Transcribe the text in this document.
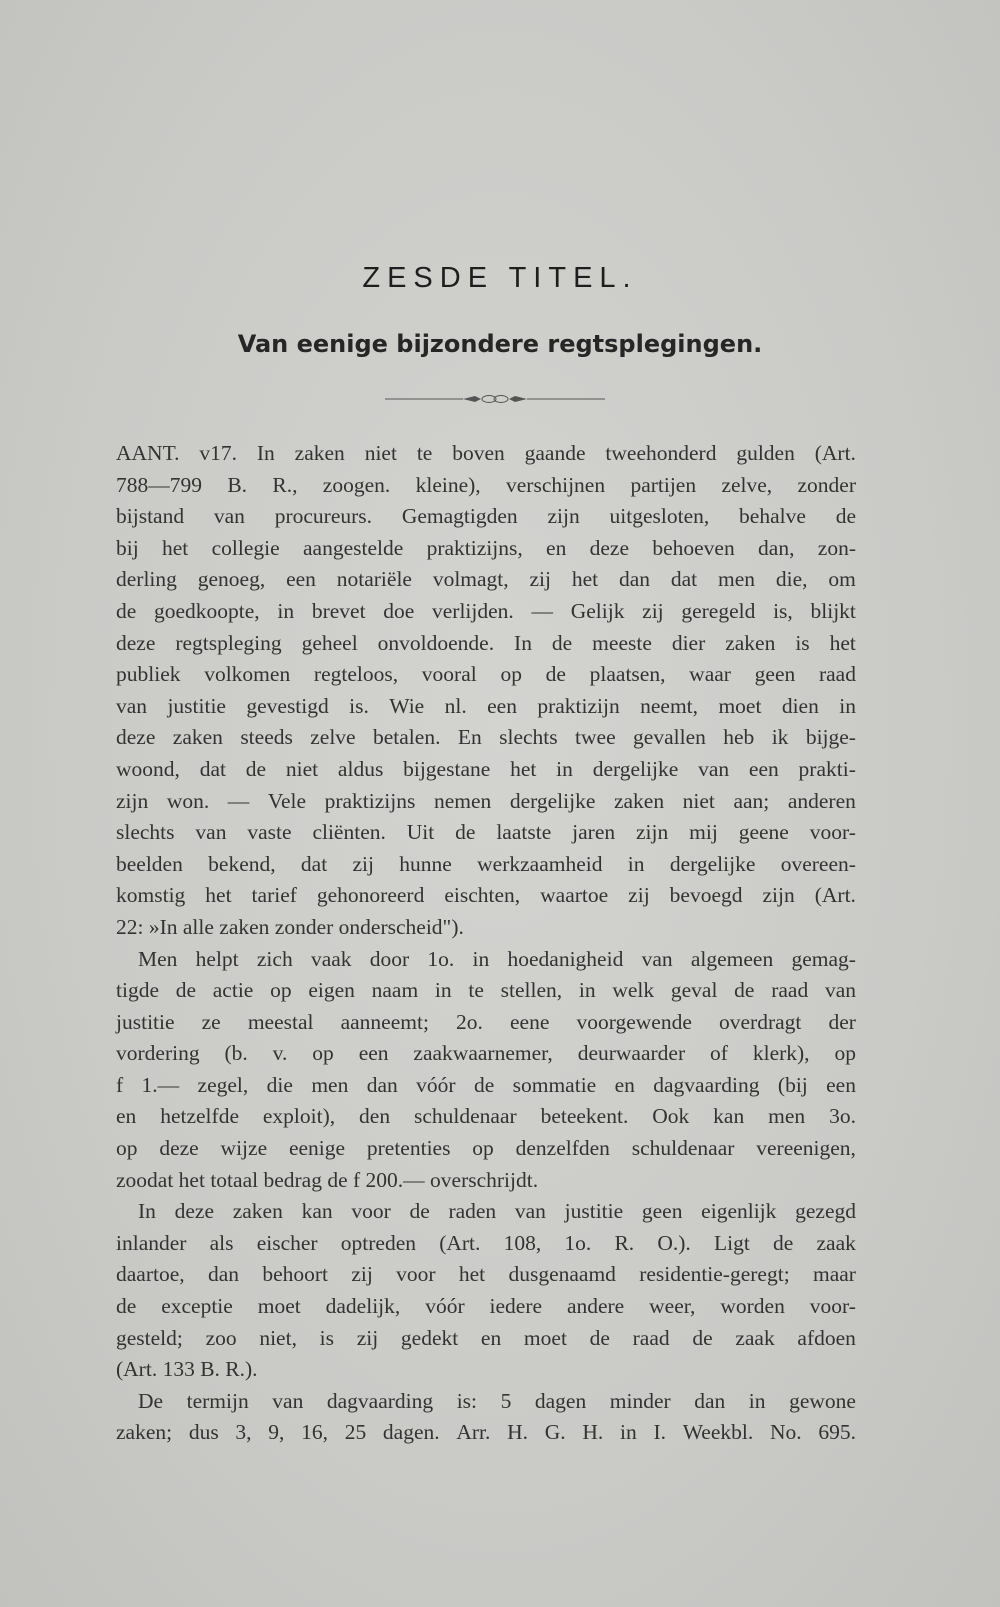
ZESDE TITEL.
Van eenige bijzondere regtsplegingen.
AANT. v17. In zaken niet te boven gaande tweehonderd gulden (Art.
788—799 B. R., zoogen. kleine), verschijnen partijen zelve, zonder
bijstand van procureurs. Gemagtigden zijn uitgesloten, behalve de
bij het collegie aangestelde praktizijns, en deze behoeven dan, zon-
derling genoeg, een notariële volmagt, zij het dan dat men die, om
de goedkoopte, in brevet doe verlijden. — Gelijk zij geregeld is, blijkt
deze regtspleging geheel onvoldoende. In de meeste dier zaken is het
publiek volkomen regteloos, vooral op de plaatsen, waar geen raad
van justitie gevestigd is. Wie nl. een praktizijn neemt, moet dien in
deze zaken steeds zelve betalen. En slechts twee gevallen heb ik bijge-
woond, dat de niet aldus bijgestane het in dergelijke van een prakti-
zijn won. — Vele praktizijns nemen dergelijke zaken niet aan; anderen
slechts van vaste cliënten. Uit de laatste jaren zijn mij geene voor-
beelden bekend, dat zij hunne werkzaamheid in dergelijke overeen-
komstig het tarief gehonoreerd eischten, waartoe zij bevoegd zijn (Art.
22: »In alle zaken zonder onderscheid").
Men helpt zich vaak door 1o. in hoedanigheid van algemeen gemag-
tigde de actie op eigen naam in te stellen, in welk geval de raad van
justitie ze meestal aanneemt; 2o. eene voorgewende overdragt der
vordering (b. v. op een zaakwaarnemer, deurwaarder of klerk), op
f 1.— zegel, die men dan vóór de sommatie en dagvaarding (bij een
en hetzelfde exploit), den schuldenaar beteekent. Ook kan men 3o.
op deze wijze eenige pretenties op denzelfden schuldenaar vereenigen,
zoodat het totaal bedrag de f 200.— overschrijdt.
In deze zaken kan voor de raden van justitie geen eigenlijk gezegd
inlander als eischer optreden (Art. 108, 1o. R. O.). Ligt de zaak
daartoe, dan behoort zij voor het dusgenaamd residentie-geregt; maar
de exceptie moet dadelijk, vóór iedere andere weer, worden voor-
gesteld; zoo niet, is zij gedekt en moet de raad de zaak afdoen
(Art. 133 B. R.).
De termijn van dagvaarding is: 5 dagen minder dan in gewone
zaken; dus 3, 9, 16, 25 dagen. Arr. H. G. H. in I. Weekbl. No. 695.
